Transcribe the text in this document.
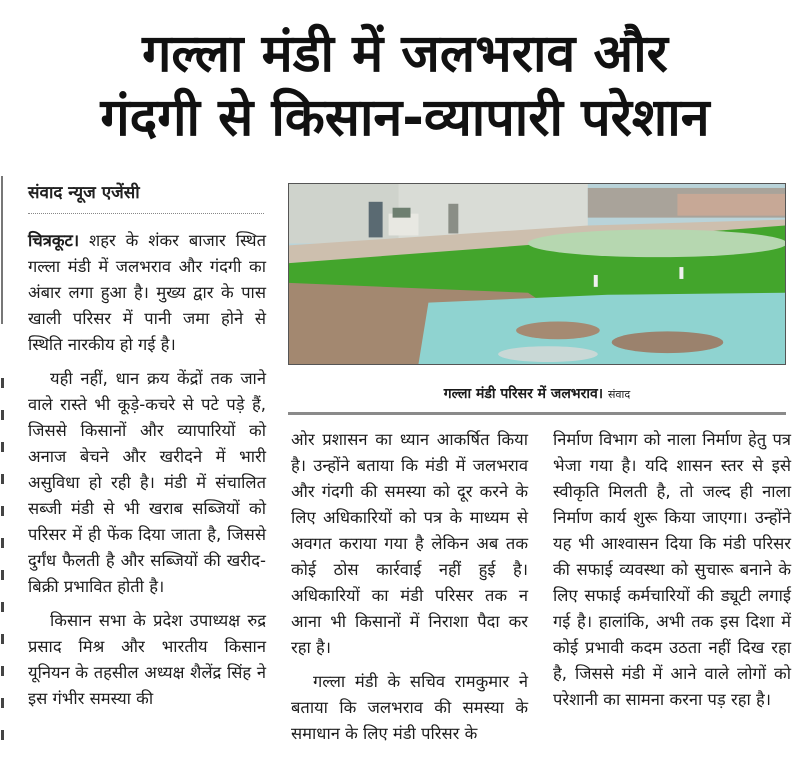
गल्ला मंडी में जलभराव और
गंदगी से किसान-व्यापारी परेशान
संवाद न्यूज एजेंसी

चित्रकूट। शहर के शंकर बाजार स्थित गल्ला मंडी में जलभराव और गंदगी का अंबार लगा हुआ है। मुख्य द्वार के पास खाली परिसर में पानी जमा होने से स्थिति नारकीय हो गई है।

यही नहीं, धान क्रय केंद्रों तक जाने वाले रास्ते भी कूड़े-कचरे से पटे पड़े हैं, जिससे किसानों और व्यापारियों को अनाज बेचने और खरीदने में भारी असुविधा हो रही है। मंडी में संचालित सब्जी मंडी से भी खराब सब्जियों को परिसर में ही फेंक दिया जाता है, जिससे दुर्गंध फैलती है और सब्जियों की खरीद-बिक्री प्रभावित होती है।

किसान सभा के प्रदेश उपाध्यक्ष रुद्र प्रसाद मिश्र और भारतीय किसान यूनियन के तहसील अध्यक्ष शैलेंद्र सिंह ने इस गंभीर समस्या की

गल्ला मंडी परिसर में जलभराव। संवाद

ओर प्रशासन का ध्यान आकर्षित किया है। उन्होंने बताया कि मंडी में जलभराव और गंदगी की समस्या को दूर करने के लिए अधिकारियों को पत्र के माध्यम से अवगत कराया गया है लेकिन अब तक कोई ठोस कार्रवाई नहीं हुई है। अधिकारियों का मंडी परिसर तक न आना भी किसानों में निराशा पैदा कर रहा है।

गल्ला मंडी के सचिव रामकुमार ने बताया कि जलभराव की समस्या के समाधान के लिए मंडी परिसर के

निर्माण विभाग को नाला निर्माण हेतु पत्र भेजा गया है। यदि शासन स्तर से इसे स्वीकृति मिलती है, तो जल्द ही नाला निर्माण कार्य शुरू किया जाएगा। उन्होंने यह भी आश्वासन दिया कि मंडी परिसर की सफाई व्यवस्था को सुचारू बनाने के लिए सफाई कर्मचारियों की ड्यूटी लगाई गई है। हालांकि, अभी तक इस दिशा में कोई प्रभावी कदम उठता नहीं दिख रहा है, जिससे मंडी में आने वाले लोगों को परेशानी का सामना करना पड़ रहा है।
